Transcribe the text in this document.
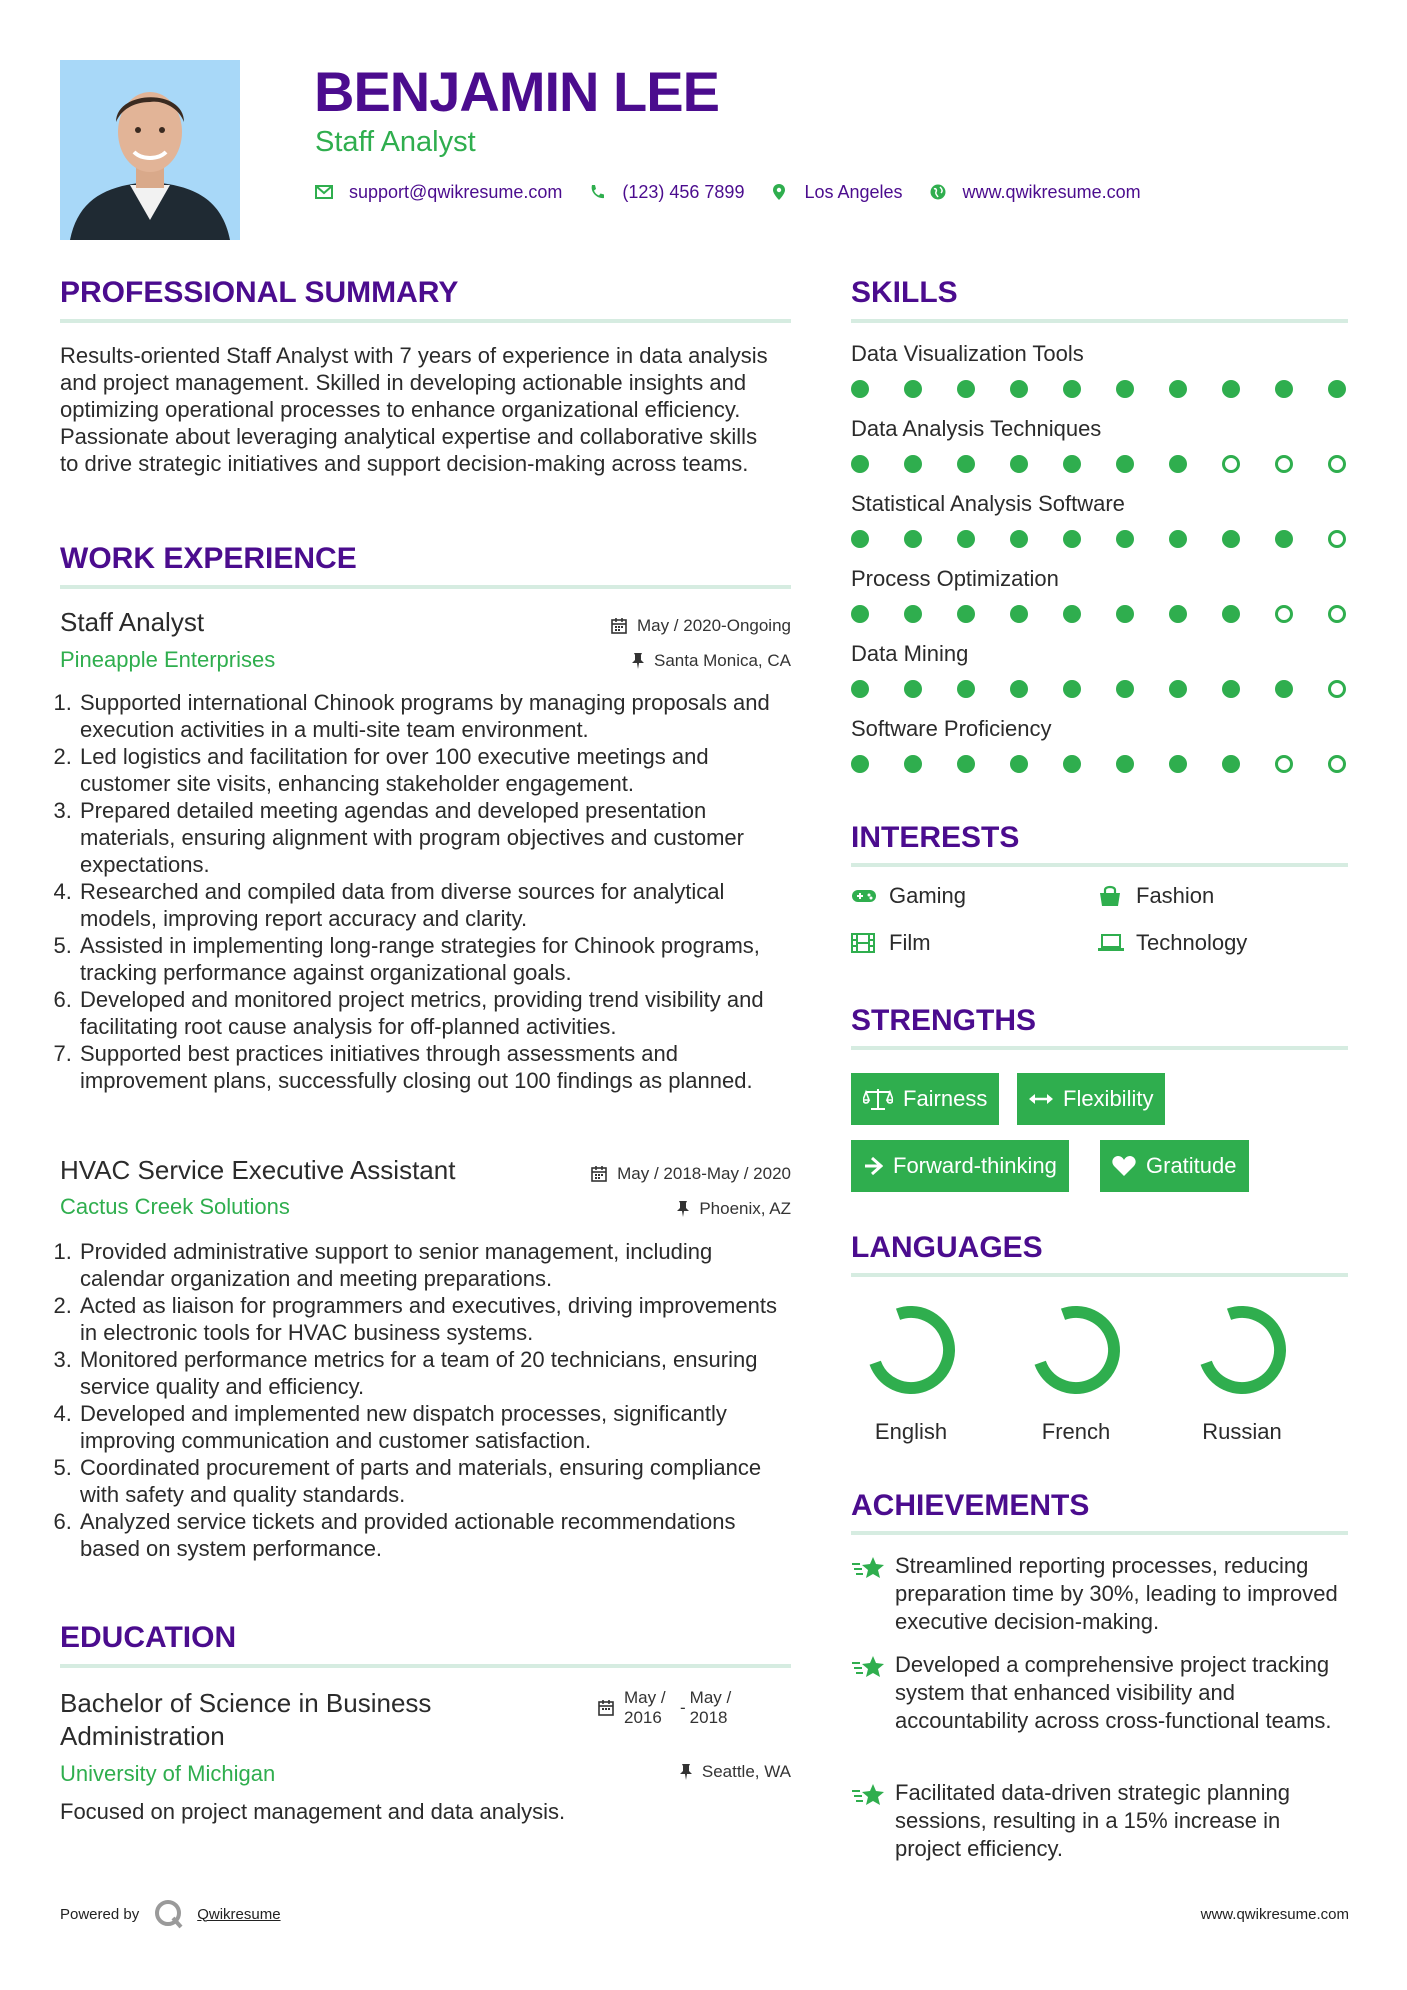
BENJAMIN LEE
Staff Analyst
support@qwikresume.com	(123) 456 7899	Los Angeles	www.qwikresume.com
PROFESSIONAL SUMMARY
Results-oriented Staff Analyst with 7 years of experience in data analysis and project management. Skilled in developing actionable insights and optimizing operational processes to enhance organizational efficiency. Passionate about leveraging analytical expertise and collaborative skills to drive strategic initiatives and support decision-making across teams.
WORK EXPERIENCE
Staff Analyst	May / 2020-Ongoing
Pineapple Enterprises	Santa Monica, CA
1. Supported international Chinook programs by managing proposals and execution activities in a multi-site team environment.
2. Led logistics and facilitation for over 100 executive meetings and customer site visits, enhancing stakeholder engagement.
3. Prepared detailed meeting agendas and developed presentation materials, ensuring alignment with program objectives and customer expectations.
4. Researched and compiled data from diverse sources for analytical models, improving report accuracy and clarity.
5. Assisted in implementing long-range strategies for Chinook programs, tracking performance against organizational goals.
6. Developed and monitored project metrics, providing trend visibility and facilitating root cause analysis for off-planned activities.
7. Supported best practices initiatives through assessments and improvement plans, successfully closing out 100 findings as planned.
HVAC Service Executive Assistant	May / 2018-May / 2020
Cactus Creek Solutions	Phoenix, AZ
1. Provided administrative support to senior management, including calendar organization and meeting preparations.
2. Acted as liaison for programmers and executives, driving improvements in electronic tools for HVAC business systems.
3. Monitored performance metrics for a team of 20 technicians, ensuring service quality and efficiency.
4. Developed and implemented new dispatch processes, significantly improving communication and customer satisfaction.
5. Coordinated procurement of parts and materials, ensuring compliance with safety and quality standards.
6. Analyzed service tickets and provided actionable recommendations based on system performance.
EDUCATION
Bachelor of Science in Business Administration
May / 2016
-
May / 2018
University of Michigan	Seattle, WA
Focused on project management and data analysis.
SKILLS
Data Visualization Tools
Data Analysis Techniques
Statistical Analysis Software
Process Optimization
Data Mining
Software Proficiency
INTERESTS
Gaming	Fashion
Film	Technology
STRENGTHS
Fairness	Flexibility
Forward-thinking	Gratitude
LANGUAGES
English	French	Russian
ACHIEVEMENTS
Streamlined reporting processes, reducing preparation time by 30%, leading to improved executive decision-making.
Developed a comprehensive project tracking system that enhanced visibility and accountability across cross-functional teams.
Facilitated data-driven strategic planning sessions, resulting in a 15% increase in project efficiency.
Powered by	Qwikresume	www.qwikresume.com
